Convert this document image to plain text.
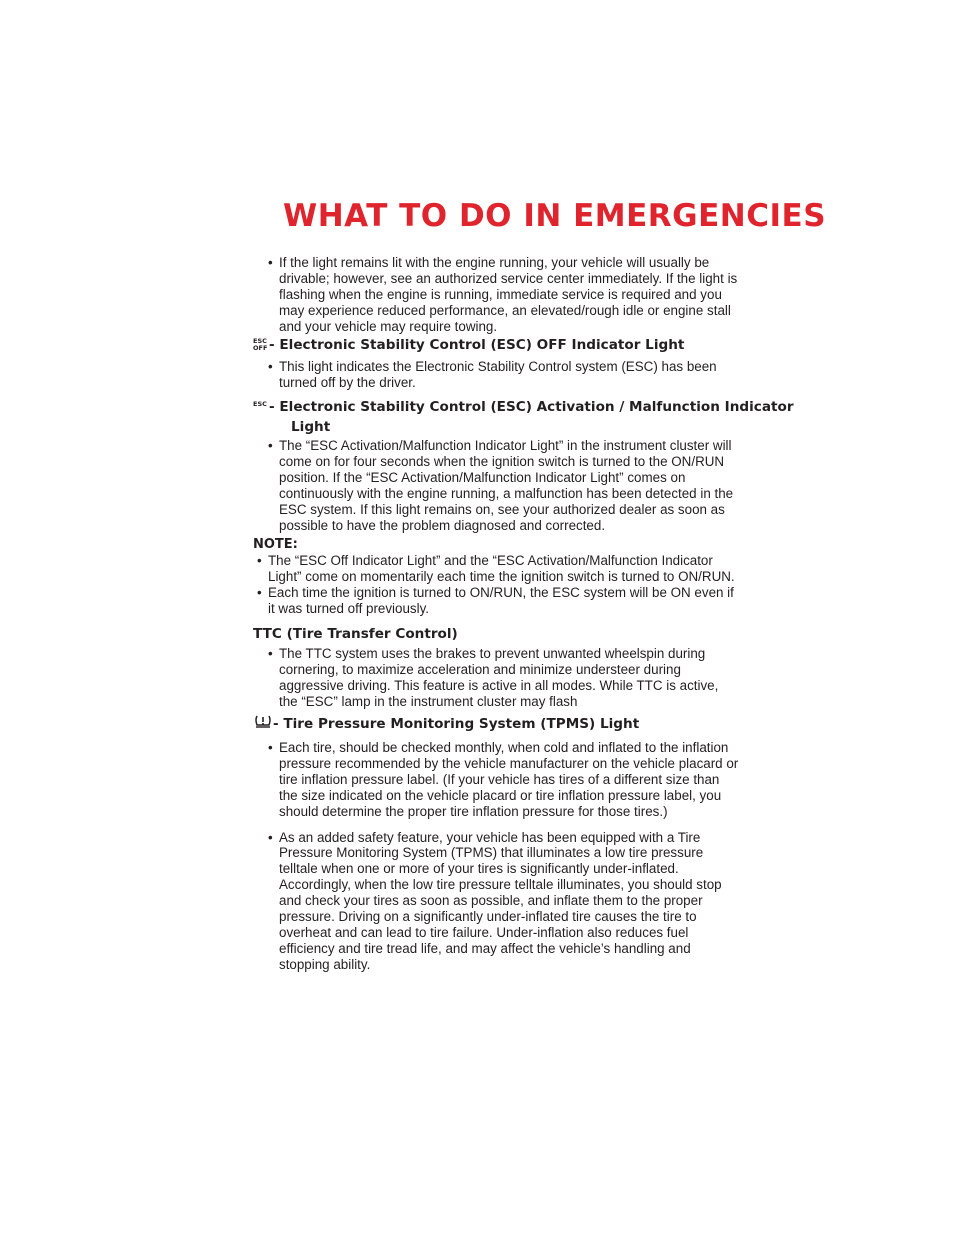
WHAT TO DO IN EMERGENCIES

• If the light remains lit with the engine running, your vehicle will usually be drivable; however, see an authorized service center immediately. If the light is flashing when the engine is running, immediate service is required and you may experience reduced performance, an elevated/rough idle or engine stall and your vehicle may require towing.

ESC
OFF - Electronic Stability Control (ESC) OFF Indicator Light

• This light indicates the Electronic Stability Control system (ESC) has been turned off by the driver.

ESC - Electronic Stability Control (ESC) Activation / Malfunction Indicator
Light

• The “ESC Activation/Malfunction Indicator Light” in the instrument cluster will come on for four seconds when the ignition switch is turned to the ON/RUN position. If the “ESC Activation/Malfunction Indicator Light” comes on continuously with the engine running, a malfunction has been detected in the ESC system. If this light remains on, see your authorized dealer as soon as possible to have the problem diagnosed and corrected.

NOTE:

• The “ESC Off Indicator Light” and the “ESC Activation/Malfunction Indicator Light” come on momentarily each time the ignition switch is turned to ON/RUN.

• Each time the ignition is turned to ON/RUN, the ESC system will be ON even if it was turned off previously.

TTC (Tire Transfer Control)

• The TTC system uses the brakes to prevent unwanted wheelspin during cornering, to maximize acceleration and minimize understeer during aggressive driving. This feature is active in all modes. While TTC is active, the “ESC” lamp in the instrument cluster may flash

- Tire Pressure Monitoring System (TPMS) Light

• Each tire, should be checked monthly, when cold and inflated to the inflation pressure recommended by the vehicle manufacturer on the vehicle placard or tire inflation pressure label. (If your vehicle has tires of a different size than the size indicated on the vehicle placard or tire inflation pressure label, you should determine the proper tire inflation pressure for those tires.)

• As an added safety feature, your vehicle has been equipped with a Tire Pressure Monitoring System (TPMS) that illuminates a low tire pressure telltale when one or more of your tires is significantly under-inflated. Accordingly, when the low tire pressure telltale illuminates, you should stop and check your tires as soon as possible, and inflate them to the proper pressure. Driving on a significantly under-inflated tire causes the tire to overheat and can lead to tire failure. Under-inflation also reduces fuel efficiency and tire tread life, and may affect the vehicle’s handling and stopping ability.
